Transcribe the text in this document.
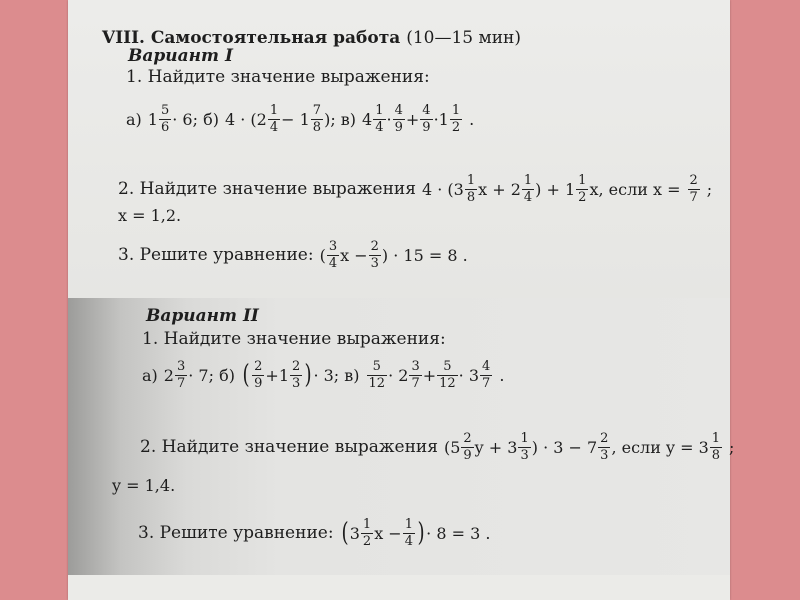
VIII. Самостоятельная работа (10—15 мин)
Вариант I
1. Найдите значение выражения:
а) $1 \frac{5}{6} \cdot 6$ ; б) $4 \cdot (2 \frac{1}{4} - 1 \frac{7}{8}$ ) ; в) $4 \frac{1}{4} \cdot \frac{4}{9} + \frac{4}{9} \cdot 1 \frac{1}{2}$ .
2. Найдите значение выражения $4 \cdot (3 \frac{1}{8}$ $x + 2 \frac{1}{4}$ ) + $1 \frac{1}{2}$ x , если $x = \frac{2}{7}$ ;
x = 1,2.
3. Решите уравнение: ( $\frac{3}{4}$ $x - \frac{2}{3}$ ) · 15 = 8 .
Вариант II
1. Найдите значение выражения:
а) $2 \frac{3}{7} \cdot 7$ ; б) ( $\frac{2}{9} +1 \frac{2}{3}$ ) · 3 ; $в) \frac{5}{12} \cdot 2 \frac{3}{7} + \frac{5}{12} \cdot 3 \frac{4}{7}$ .
2. Найдите значение выражения ($5 \frac{2}{9}$ $y + 3 \frac{1}{3}$ ) · $3 - 7 \frac{2}{3}$ , если $y = 3 \frac{1}{8}$ ;
y = 1,4.
3. Решите уравнение: ( $3 \frac{1}{2}$ $x - \frac{1}{4}$ ) · 8 = 3 .
